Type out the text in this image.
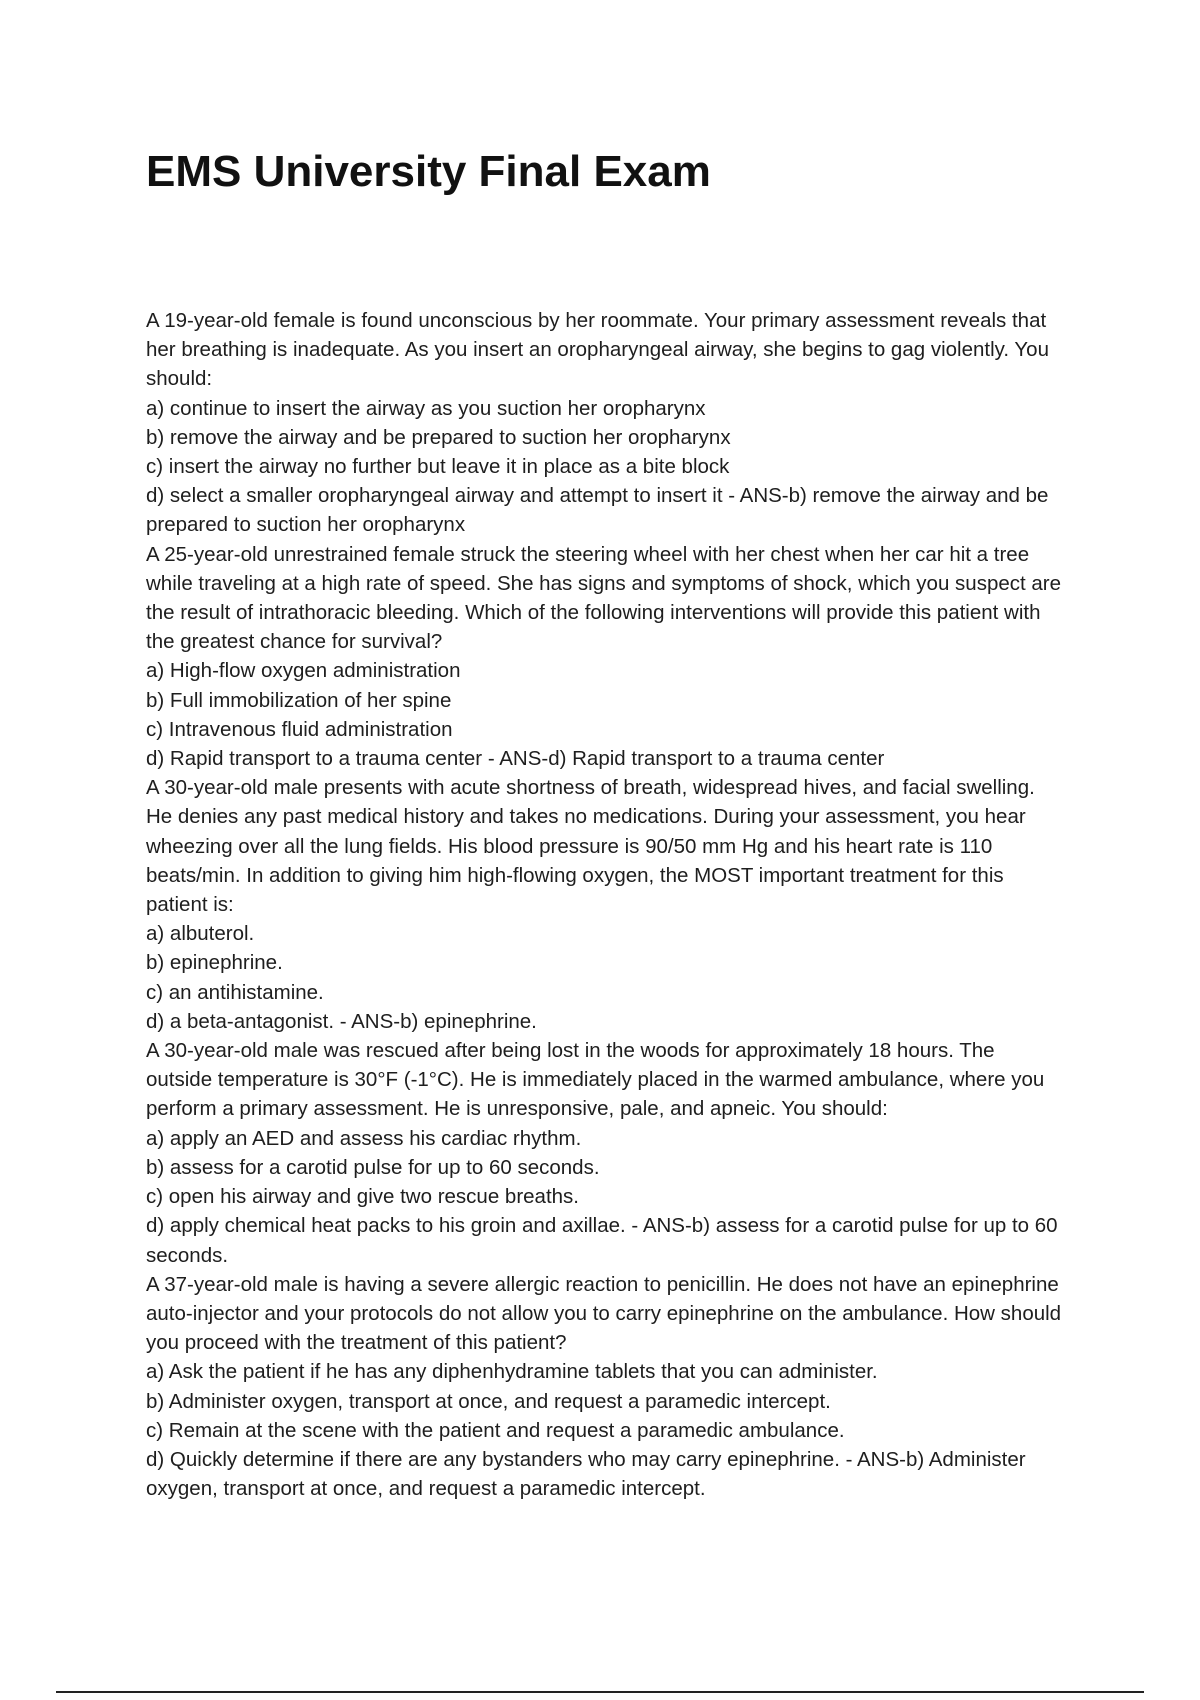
EMS University Final Exam

A 19-year-old female is found unconscious by her roommate. Your primary assessment reveals that her breathing is inadequate. As you insert an oropharyngeal airway, she begins to gag violently. You should:

a) continue to insert the airway as you suction her oropharynx

b) remove the airway and be prepared to suction her oropharynx

c) insert the airway no further but leave it in place as a bite block

d) select a smaller oropharyngeal airway and attempt to insert it - ANS-b) remove the airway and be prepared to suction her oropharynx

A 25-year-old unrestrained female struck the steering wheel with her chest when her car hit a tree while traveling at a high rate of speed. She has signs and symptoms of shock, which you suspect are the result of intrathoracic bleeding. Which of the following interventions will provide this patient with the greatest chance for survival?

a) High-flow oxygen administration

b) Full immobilization of her spine

c) Intravenous fluid administration

d) Rapid transport to a trauma center - ANS-d) Rapid transport to a trauma center

A 30-year-old male presents with acute shortness of breath, widespread hives, and facial swelling. He denies any past medical history and takes no medications. During your assessment, you hear wheezing over all the lung fields. His blood pressure is 90/50 mm Hg and his heart rate is 110 beats/min. In addition to giving him high-flowing oxygen, the MOST important treatment for this patient is:

a) albuterol.

b) epinephrine.

c) an antihistamine.

d) a beta-antagonist. - ANS-b) epinephrine.

A 30-year-old male was rescued after being lost in the woods for approximately 18 hours. The outside temperature is 30°F (-1°C). He is immediately placed in the warmed ambulance, where you perform a primary assessment. He is unresponsive, pale, and apneic. You should:

a) apply an AED and assess his cardiac rhythm.

b) assess for a carotid pulse for up to 60 seconds.

c) open his airway and give two rescue breaths.

d) apply chemical heat packs to his groin and axillae. - ANS-b) assess for a carotid pulse for up to 60 seconds.

A 37-year-old male is having a severe allergic reaction to penicillin. He does not have an epinephrine auto-injector and your protocols do not allow you to carry epinephrine on the ambulance. How should you proceed with the treatment of this patient?

a) Ask the patient if he has any diphenhydramine tablets that you can administer.

b) Administer oxygen, transport at once, and request a paramedic intercept.

c) Remain at the scene with the patient and request a paramedic ambulance.

d) Quickly determine if there are any bystanders who may carry epinephrine. - ANS-b) Administer oxygen, transport at once, and request a paramedic intercept.
